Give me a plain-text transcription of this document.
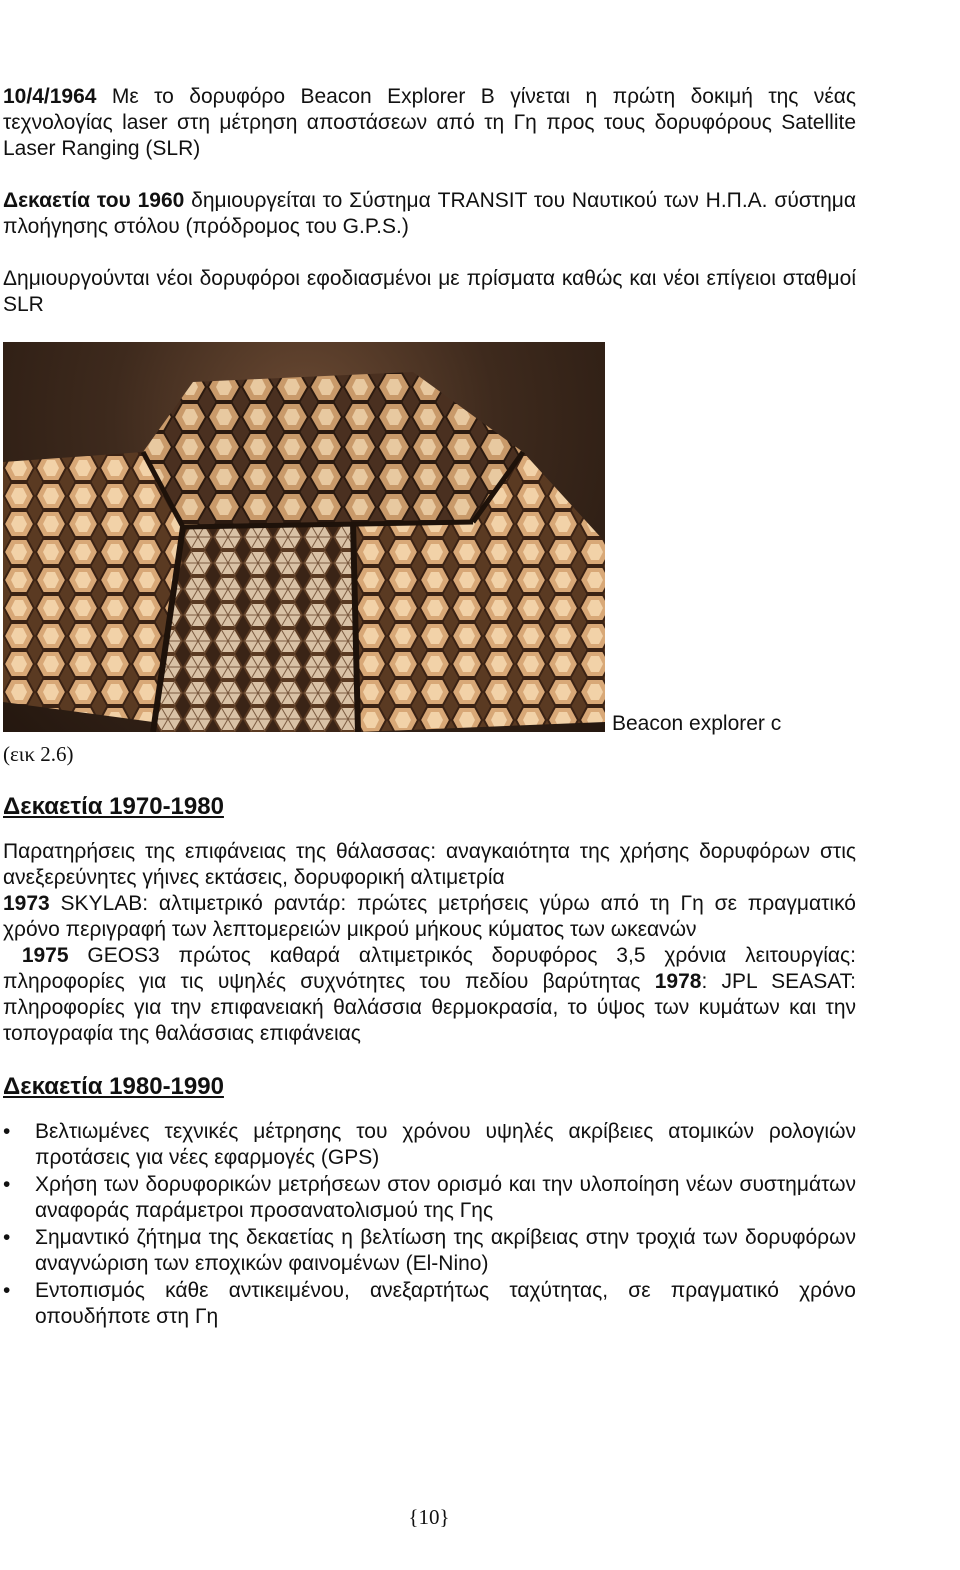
10/4/1964 Με το δορυφόρο Beacon Explorer B γίνεται η πρώτη δοκιμή της νέας τεχνολογίας laser στη μέτρηση αποστάσεων από τη Γη προς τους δορυφόρους Satellite Laser Ranging (SLR)

Δεκαετία του 1960 δημιουργείται το Σύστημα TRANSIT του Ναυτικού των Η.Π.Α. σύστημα πλοήγησης στόλου (πρόδρομος του G.P.S.)

Δημιουργούνται νέοι δορυφόροι εφοδιασμένοι με πρίσματα καθώς και νέοι επίγειοι σταθμοί SLR

Beacon explorer c
(εικ 2.6)
Δεκαετία 1970-1980

Παρατηρήσεις της επιφάνειας της θάλασσας: αναγκαιότητα της χρήσης δορυφόρων στις ανεξερεύνητες γήινες εκτάσεις, δορυφορική αλτιμετρία

1973 SKYLAB: αλτιμετρικό ραντάρ: πρώτες μετρήσεις γύρω από τη Γη σε πραγματικό χρόνο περιγραφή των λεπτομερειών μικρού μήκους κύματος των ωκεανών

1975 GEOS3 πρώτος καθαρά αλτιμετρικός δορυφόρος 3,5 χρόνια λειτουργίας: πληροφορίες για τις υψηλές συχνότητες του πεδίου βαρύτητας 1978: JPL SEASAT: πληροφορίες για την επιφανειακή θαλάσσια θερμοκρασία, το ύψος των κυμάτων και την τοπογραφία της θαλάσσιας επιφάνειας

Δεκαετία 1980-1990
• Βελτιωμένες τεχνικές μέτρησης του χρόνου υψηλές ακρίβειες ατομικών ρολογιών προτάσεις για νέες εφαρμογές (GPS)
• Χρήση των δορυφορικών μετρήσεων στον ορισμό και την υλοποίηση νέων συστημάτων αναφοράς παράμετροι προσανατολισμού της Γης
• Σημαντικό ζήτημα της δεκαετίας η βελτίωση της ακρίβειας στην τροχιά των δορυφόρων αναγνώριση των εποχικών φαινομένων (El-Nino)
• Εντοπισμός κάθε αντικειμένου, ανεξαρτήτως ταχύτητας, σε πραγματικό χρόνο οπουδήποτε στη Γη
{10}
